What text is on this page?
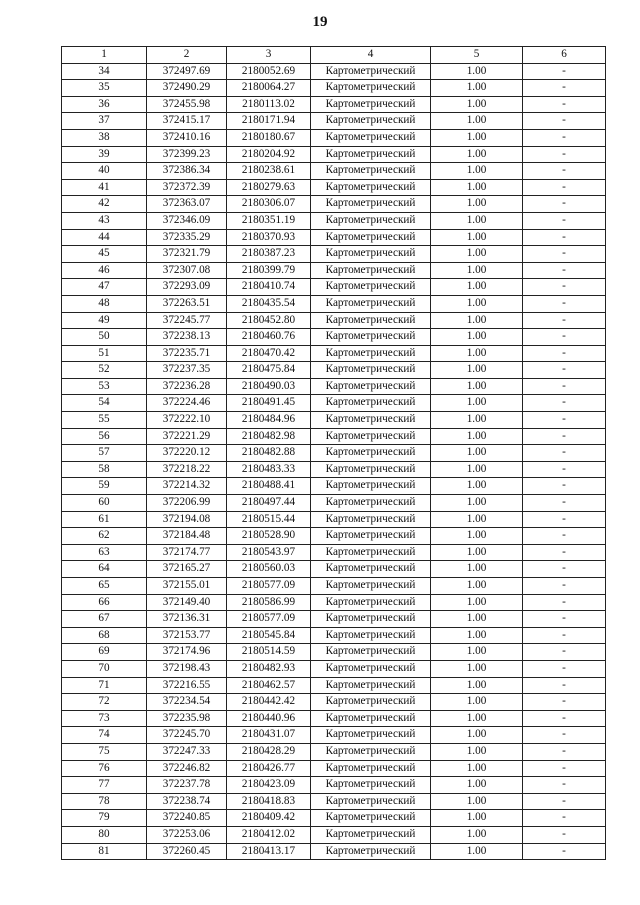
19
1	2	3	4	5	6
34	372497.69	2180052.69	Картометрический	1.00	-
35	372490.29	2180064.27	Картометрический	1.00	-
36	372455.98	2180113.02	Картометрический	1.00	-
37	372415.17	2180171.94	Картометрический	1.00	-
38	372410.16	2180180.67	Картометрический	1.00	-
39	372399.23	2180204.92	Картометрический	1.00	-
40	372386.34	2180238.61	Картометрический	1.00	-
41	372372.39	2180279.63	Картометрический	1.00	-
42	372363.07	2180306.07	Картометрический	1.00	-
43	372346.09	2180351.19	Картометрический	1.00	-
44	372335.29	2180370.93	Картометрический	1.00	-
45	372321.79	2180387.23	Картометрический	1.00	-
46	372307.08	2180399.79	Картометрический	1.00	-
47	372293.09	2180410.74	Картометрический	1.00	-
48	372263.51	2180435.54	Картометрический	1.00	-
49	372245.77	2180452.80	Картометрический	1.00	-
50	372238.13	2180460.76	Картометрический	1.00	-
51	372235.71	2180470.42	Картометрический	1.00	-
52	372237.35	2180475.84	Картометрический	1.00	-
53	372236.28	2180490.03	Картометрический	1.00	-
54	372224.46	2180491.45	Картометрический	1.00	-
55	372222.10	2180484.96	Картометрический	1.00	-
56	372221.29	2180482.98	Картометрический	1.00	-
57	372220.12	2180482.88	Картометрический	1.00	-
58	372218.22	2180483.33	Картометрический	1.00	-
59	372214.32	2180488.41	Картометрический	1.00	-
60	372206.99	2180497.44	Картометрический	1.00	-
61	372194.08	2180515.44	Картометрический	1.00	-
62	372184.48	2180528.90	Картометрический	1.00	-
63	372174.77	2180543.97	Картометрический	1.00	-
64	372165.27	2180560.03	Картометрический	1.00	-
65	372155.01	2180577.09	Картометрический	1.00	-
66	372149.40	2180586.99	Картометрический	1.00	-
67	372136.31	2180577.09	Картометрический	1.00	-
68	372153.77	2180545.84	Картометрический	1.00	-
69	372174.96	2180514.59	Картометрический	1.00	-
70	372198.43	2180482.93	Картометрический	1.00	-
71	372216.55	2180462.57	Картометрический	1.00	-
72	372234.54	2180442.42	Картометрический	1.00	-
73	372235.98	2180440.96	Картометрический	1.00	-
74	372245.70	2180431.07	Картометрический	1.00	-
75	372247.33	2180428.29	Картометрический	1.00	-
76	372246.82	2180426.77	Картометрический	1.00	-
77	372237.78	2180423.09	Картометрический	1.00	-
78	372238.74	2180418.83	Картометрический	1.00	-
79	372240.85	2180409.42	Картометрический	1.00	-
80	372253.06	2180412.02	Картометрический	1.00	-
81	372260.45	2180413.17	Картометрический	1.00	-
